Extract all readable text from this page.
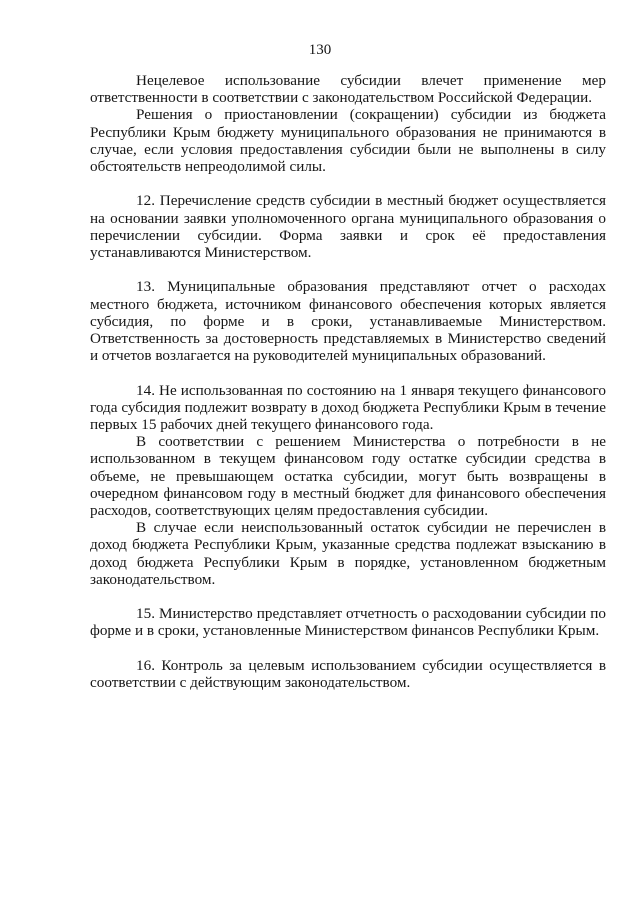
130

Нецелевое использование субсидии влечет применение мер ответственности в соответствии с законодательством Российской Федерации.

Решения о приостановлении (сокращении) субсидии из бюджета Республики Крым бюджету муниципального образования не принимаются в случае, если условия предоставления субсидии были не выполнены в силу обстоятельств непреодолимой силы.

12. Перечисление средств субсидии в местный бюджет осуществляется на основании заявки уполномоченного органа муниципального образования о перечислении субсидии. Форма заявки и срок её предоставления устанавливаются Министерством.

13. Муниципальные образования представляют отчет о расходах местного бюджета, источником финансового обеспечения которых является субсидия, по форме и в сроки, устанавливаемые Министерством. Ответственность за достоверность представляемых в Министерство сведений и отчетов возлагается на руководителей муниципальных образований.

14. Не использованная по состоянию на 1 января текущего финансового года субсидия подлежит возврату в доход бюджета Республики Крым в течение первых 15 рабочих дней текущего финансового года.

В соответствии с решением Министерства о потребности в не использованном в текущем финансовом году остатке субсидии средства в объеме, не превышающем остатка субсидии, могут быть возвращены в очередном финансовом году в местный бюджет для финансового обеспечения расходов, соответствующих целям предоставления субсидии.

В случае если неиспользованный остаток субсидии не перечислен в доход бюджета Республики Крым, указанные средства подлежат взысканию в доход бюджета Республики Крым в порядке, установленном бюджетным законодательством.

15. Министерство представляет отчетность о расходовании субсидии по форме и в сроки, установленные Министерством финансов Республики Крым.

16. Контроль за целевым использованием субсидии осуществляется в соответствии с действующим законодательством.
